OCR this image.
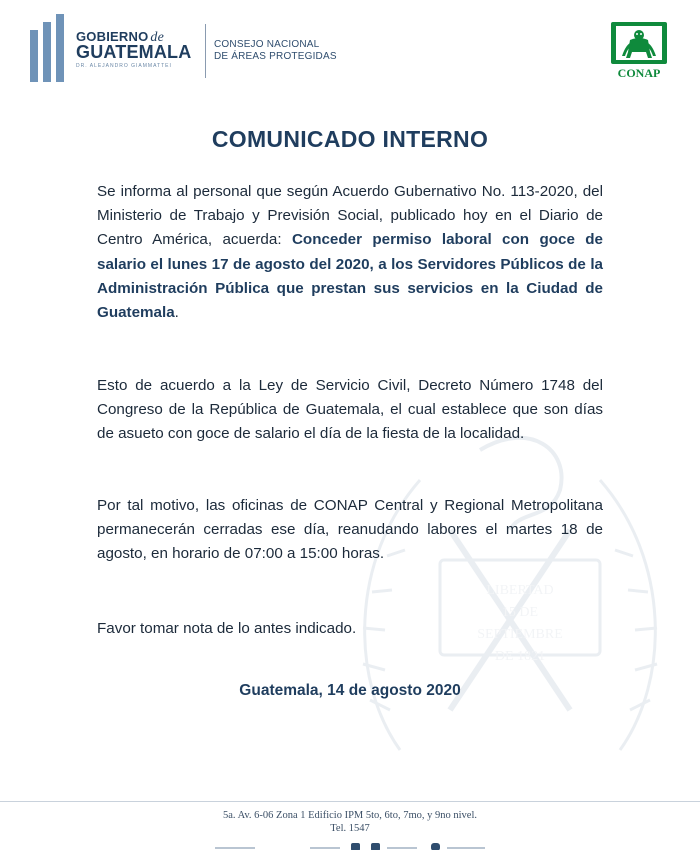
LIBERTAD
15 DE
SEPTIEMBRE
DE 1821
GOBIERNO de
GUATEMALA
DR. ALEJANDRO GIAMMATTEI
CONSEJO NACIONAL
DE ÁREAS PROTEGIDAS
CONAP
COMUNICADO INTERNO
Se informa al personal que según Acuerdo Gubernativo No. 113-2020, del Ministerio de Trabajo y Previsión Social, publicado hoy en el Diario de Centro América, acuerda: Conceder permiso laboral con goce de salario el lunes 17 de agosto del 2020, a los Servidores Públicos de la Administración Pública que prestan sus servicios en la Ciudad de Guatemala.
Esto de acuerdo a la Ley de Servicio Civil, Decreto Número 1748 del Congreso de la República de Guatemala, el cual establece que son días de asueto con goce de salario el día de la fiesta de la localidad.
Por tal motivo, las oficinas de CONAP Central y Regional Metropolitana permanecerán cerradas ese día, reanudando labores el martes 18 de agosto, en horario de 07:00 a 15:00 horas.
Favor tomar nota de lo antes indicado.
Guatemala, 14 de agosto 2020
5a. Av. 6-06 Zona 1 Edificio IPM 5to, 6to, 7mo, y 9no nivel.
Tel. 1547
